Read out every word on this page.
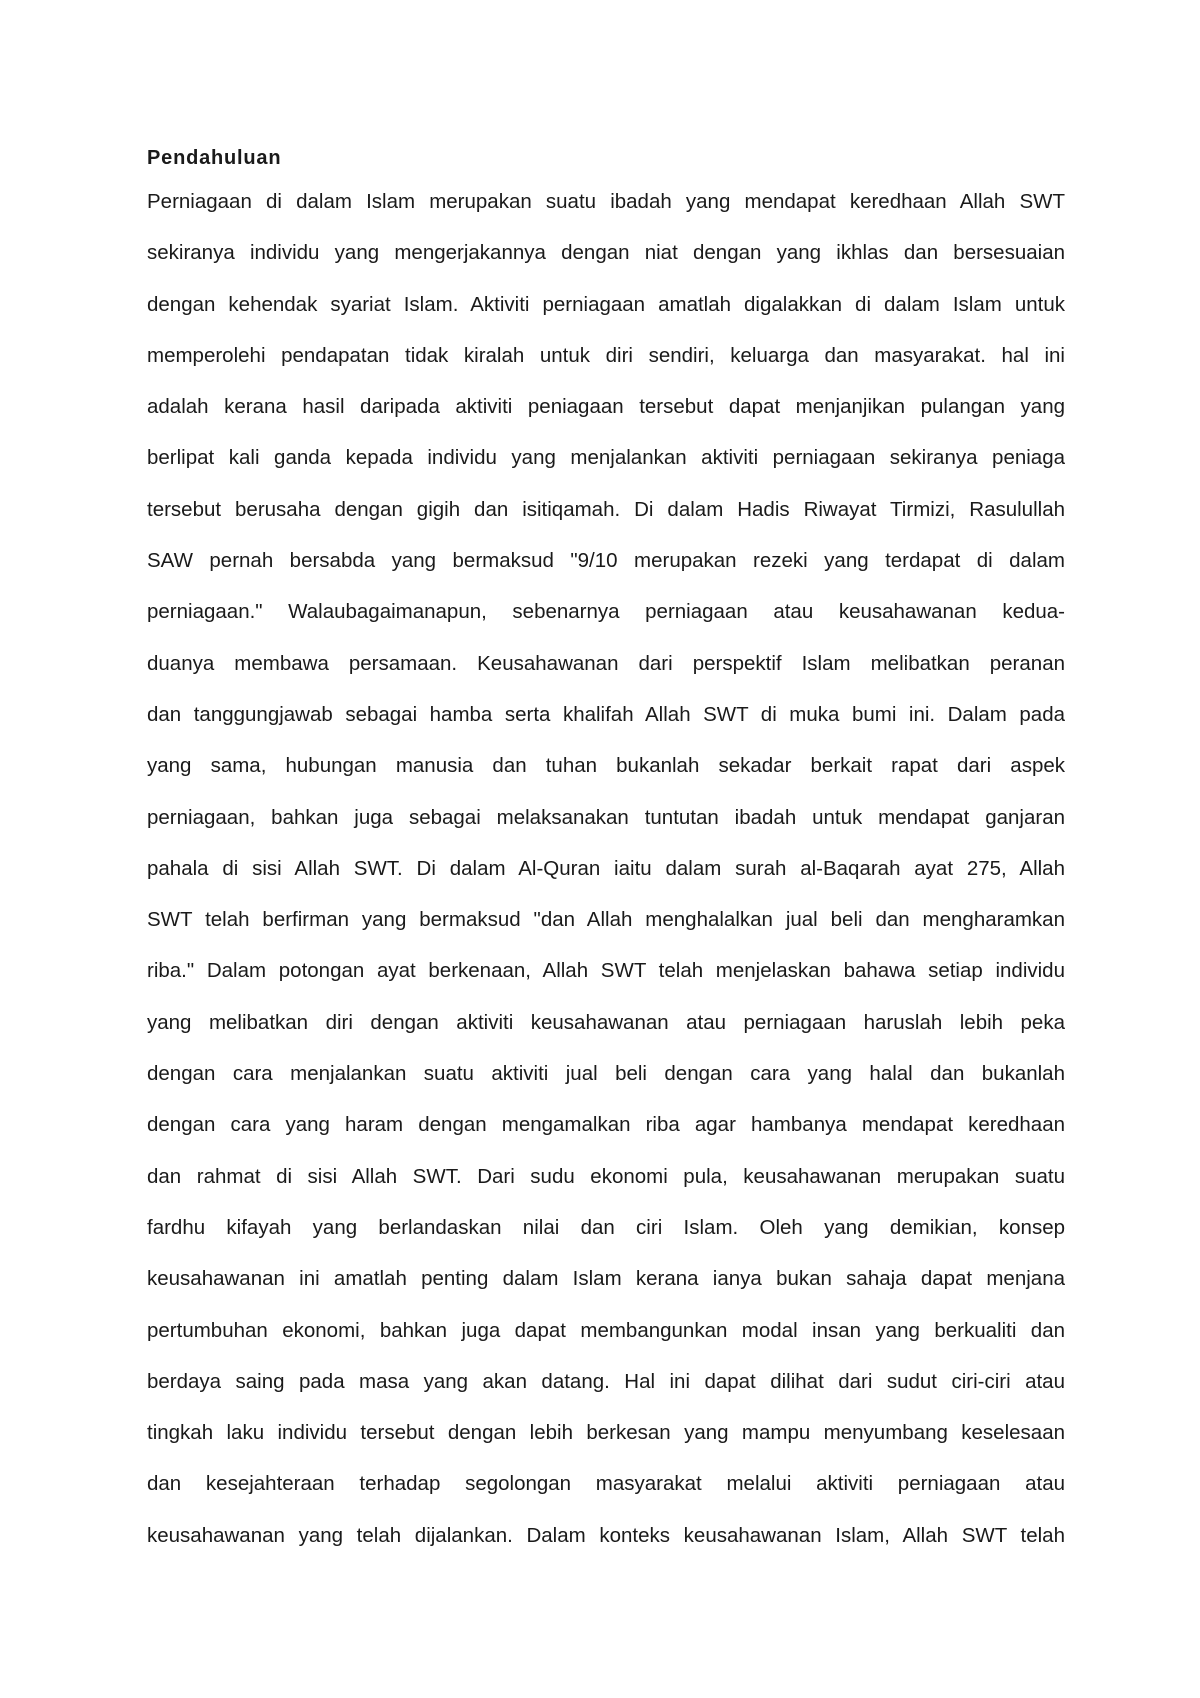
Pendahuluan
Perniagaan di dalam Islam merupakan suatu ibadah yang mendapat keredhaan Allah SWT
sekiranya individu yang mengerjakannya dengan niat dengan yang ikhlas dan bersesuaian
dengan kehendak syariat Islam. Aktiviti perniagaan amatlah digalakkan di dalam Islam untuk
memperolehi pendapatan tidak kiralah untuk diri sendiri, keluarga dan masyarakat. hal ini
adalah kerana hasil daripada aktiviti peniagaan tersebut dapat menjanjikan pulangan yang
berlipat kali ganda kepada individu yang menjalankan aktiviti perniagaan sekiranya peniaga
tersebut berusaha dengan gigih dan isitiqamah. Di dalam Hadis Riwayat Tirmizi, Rasulullah
SAW pernah bersabda yang bermaksud "9/10 merupakan rezeki yang terdapat di dalam
perniagaan." Walaubagaimanapun, sebenarnya perniagaan atau keusahawanan kedua-
duanya membawa persamaan. Keusahawanan dari perspektif Islam melibatkan peranan
dan tanggungjawab sebagai hamba serta khalifah Allah SWT di muka bumi ini. Dalam pada
yang sama, hubungan manusia dan tuhan bukanlah sekadar berkait rapat dari aspek
perniagaan, bahkan juga sebagai melaksanakan tuntutan ibadah untuk mendapat ganjaran
pahala di sisi Allah SWT. Di dalam Al-Quran iaitu dalam surah al-Baqarah ayat 275, Allah
SWT telah berfirman yang bermaksud "dan Allah menghalalkan jual beli dan mengharamkan
riba." Dalam potongan ayat berkenaan, Allah SWT telah menjelaskan bahawa setiap individu
yang melibatkan diri dengan aktiviti keusahawanan atau perniagaan haruslah lebih peka
dengan cara menjalankan suatu aktiviti jual beli dengan cara yang halal dan bukanlah
dengan cara yang haram dengan mengamalkan riba agar hambanya mendapat keredhaan
dan rahmat di sisi Allah SWT. Dari sudu ekonomi pula, keusahawanan merupakan suatu
fardhu kifayah yang berlandaskan nilai dan ciri Islam. Oleh yang demikian, konsep
keusahawanan ini amatlah penting dalam Islam kerana ianya bukan sahaja dapat menjana
pertumbuhan ekonomi, bahkan juga dapat membangunkan modal insan yang berkualiti dan
berdaya saing pada masa yang akan datang. Hal ini dapat dilihat dari sudut ciri-ciri atau
tingkah laku individu tersebut dengan lebih berkesan yang mampu menyumbang keselesaan
dan kesejahteraan terhadap segolongan masyarakat melalui aktiviti perniagaan atau
keusahawanan yang telah dijalankan. Dalam konteks keusahawanan Islam, Allah SWT telah
